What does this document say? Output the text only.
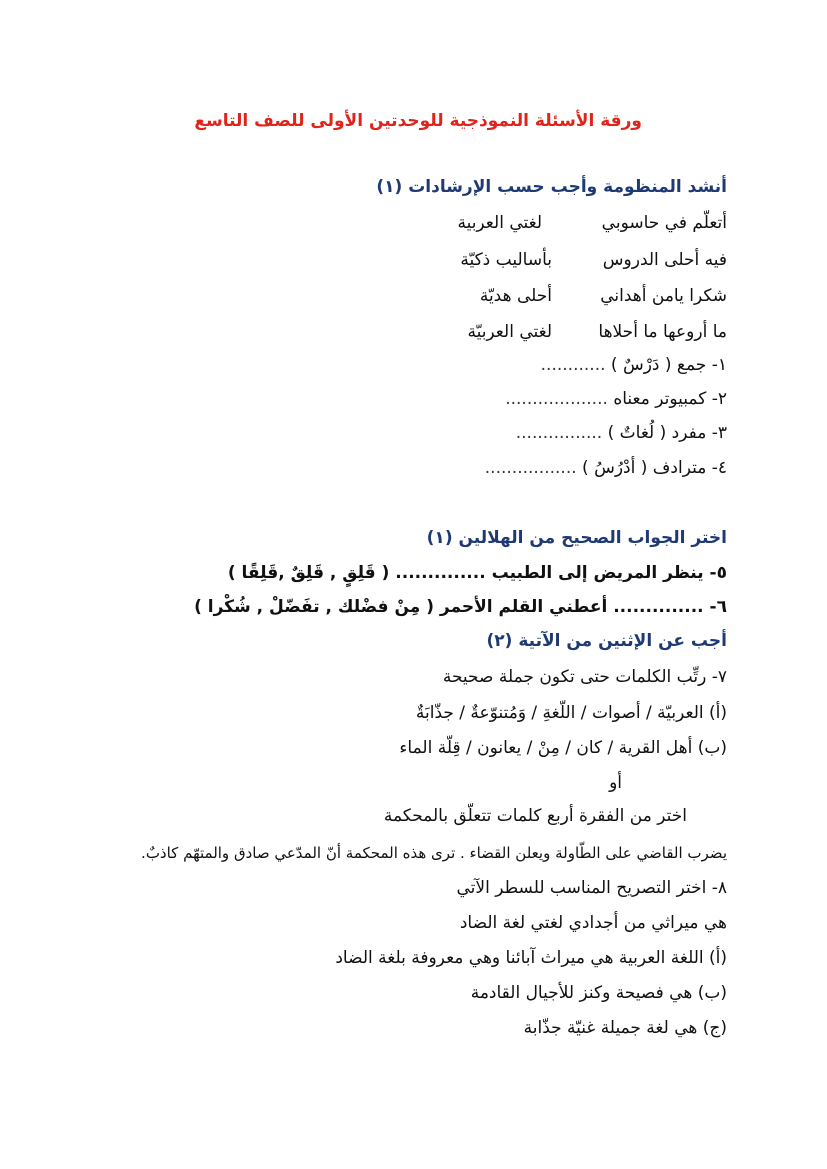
ورقة الأسئلة النموذجية للوحدتين الأولى للصف التاسع

أنشد المنظومة وأجب حسب الإرشادات (١)

أتعلّم في حاسوبي
لغتي العربية
فيه أحلى الدروس
بأساليب ذكيّة
شكرا يامن أهداني
أحلى هديّة
ما أروعها ما أحلاها
لغتي العربيّة

١- جمع ( دَرْسٌ ) ............

٢- كمبيوتر معناه ...................

٣- مفرد ( لُغاتٌ ) ................

٤- مترادف ( أدْرُسُ ) .................

اختر الجواب الصحيح من الهلالين (١)

٥- ينظر المريض إلى الطبيب .............. ( قَلِقٍ , قَلِقٌ ,قَلِقًا )

٦- .............. أعطني القلم الأحمر ( مِنْ فضْلك , تفَضّلْ , شُكْرا )

أجب عن الإثنين من الآتية (٢)

٧- رتِّب الكلمات حتى تكون جملة صحيحة

(أ) العربيّة / أصوات / اللّغةِ / وَمُتنوّعةٌ / جذّابَةٌ

(ب) أهل القرية / كان / مِنْ / يعانون / قِلّة الماء

أو

اختر من الفقرة أربع كلمات تتعلّق بالمحكمة

يضرب القاضي على الطّاولة ويعلن القضاء . ترى هذه المحكمة أنّ المدّعي صادق والمتهّم كاذبٌ.

٨- اختر التصريح المناسب للسطر الآتي

هي ميراثي من أجدادي لغتي لغة الضاد

(أ) اللغة العربية هي ميراث آبائنا وهي معروفة بلغة الضاد

(ب) هي فصيحة وكنز للأجيال القادمة

(ج) هي لغة جميلة غنيّة جذّابة
